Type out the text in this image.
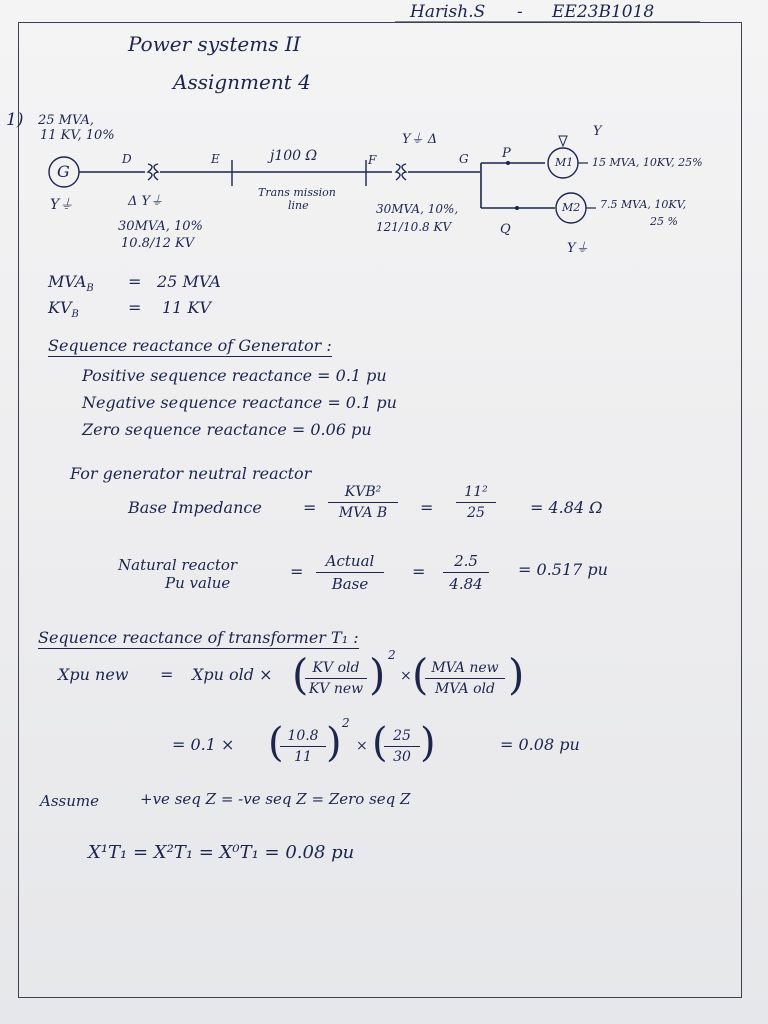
Harish.S - EE23B1018
Power systems II
Assignment 4
1) 25 MVA,
11 KV, 10%
G
Y⏚
D	E	F	G	P
Q
Δ Y⏚
30MVA, 10%
10.8/12 KV
j100 Ω
Trans mission
line
Y⏚ Δ
30MVA, 10%,
121/10.8 KV
Y
M1 15 MVA, 10KV, 25%
M2 7.5 MVA, 10KV,
25 %
Y⏚
$MVA_B = 25$ MVA
$KV_B$	= 11 KV
Sequence reactance of Generator :
Positive sequence reactance = 0.1 pu
Negative sequence reactance = 0.1 pu
Zero sequence reactance = 0.06 pu
For generator neutral reactor
Base Impedance	=
KVB²
MVA B	= $\frac{\text{11²}}{25} = 4.84$ Ω
Natural reactor
Pu value
=
Actual
Base
= $\frac{2.5}{4.84} = 0.517$ pu
Sequence reactance of transformer T₁ :
Xpu new = Xpu old × ( KV old
KV new ) 2
× ( MVA new
MVA old )
= 0.1 × (
$\frac{10.8}{11}$ ) 2
× (
$\frac{25}{30}$ )	= 0.08 pu
Assume	+ve seq Z = -ve seq Z = Zero seq Z
X¹T₁ = X²T₁ = X⁰T₁ = 0.08 pu
